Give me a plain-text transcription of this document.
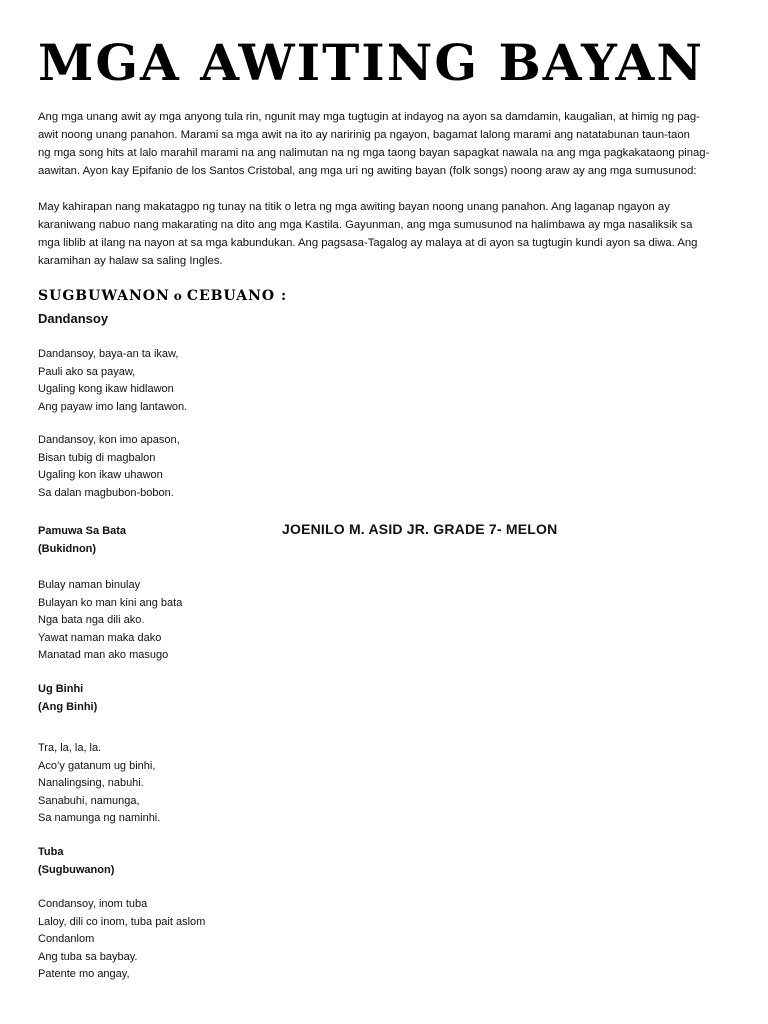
MGA AWITING BAYAN
Ang mga unang awit ay mga anyong tula rin, ngunit may mga tugtugin at indayog na ayon sa damdamin, kaugalian, at himig ng pag-
awit noong unang panahon. Marami sa mga awit na ito ay naririnig pa ngayon, bagamat lalong marami ang natatabunan taun-taon
ng mga song hits at lalo marahil marami na ang nalimutan na ng mga taong bayan sapagkat nawala na ang mga pagkakataong pinag-
aawitan. Ayon kay Epifanio de los Santos Cristobal, ang mga uri ng awiting bayan (folk songs) noong araw ay ang mga sumusunod:
May kahirapan nang makatagpo ng tunay na titik o letra ng mga awiting bayan noong unang panahon. Ang laganap ngayon ay
karaniwang nabuo nang makarating na dito ang mga Kastila. Gayunman, ang mga sumusunod na halimbawa ay mga nasaliksik sa
mga liblib at ilang na nayon at sa mga kabundukan. Ang pagsasa-Tagalog ay malaya at di ayon sa tugtugin kundi ayon sa diwa. Ang
karamihan ay halaw sa saling Ingles.
SUGBUWANON o CEBUANO :
Dandansoy
Dandansoy, baya-an ta ikaw,
Pauli ako sa payaw,
Ugaling kong ikaw hidlawon
Ang payaw imo lang lantawon.
Dandansoy, kon imo apason,
Bisan tubig di magbalon
Ugaling kon ikaw uhawon
Sa dalan magbubon-bobon.
Pamuwa Sa Bata
(Bukidnon)
JOENILO M. ASID JR. GRADE 7- MELON
Bulay naman binulay
Bulayan ko man kini ang bata
Nga bata nga dili ako.
Yawat naman maka dako
Manatad man ako masugo
Ug Binhi
(Ang Binhi)
Tra, la, la, la.
Aco’y gatanum ug binhi,
Nanalingsing, nabuhi.
Sanabuhi, namunga,
Sa namunga ng naminhi.
Tuba
(Sugbuwanon)
Condansoy, inom tuba
Laloy, dili co inom, tuba pait aslom
Condanlom
Ang tuba sa baybay.
Patente mo angay,
